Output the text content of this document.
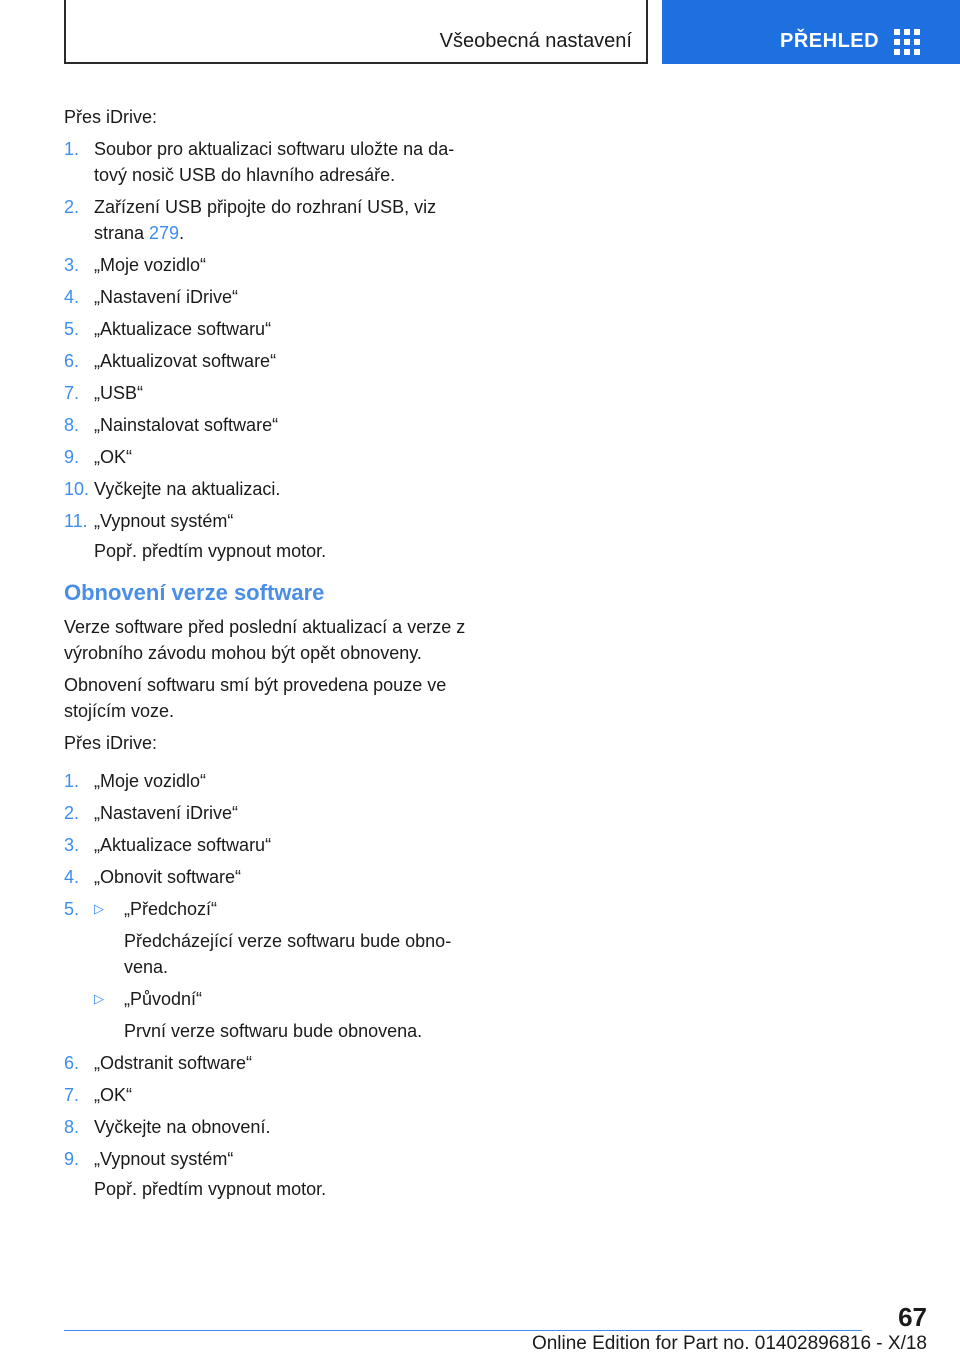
Všeobecná nastavení	PŘEHLED

Přes iDrive:

1. Soubor pro aktualizaci softwaru uložte na da-tový nosič USB do hlavního adresáře.
2. Zařízení USB připojte do rozhraní USB, viz strana 279.
3. „Moje vozidlo“
4. „Nastavení iDrive“
5. „Aktualizace softwaru“
6. „Aktualizovat software“
7. „USB“
8. „Nainstalovat software“
9. „OK“
10. Vyčkejte na aktualizaci.
11. „Vypnout systém“

Popř. předtím vypnout motor.

Obnovení verze software

Verze software před poslední aktualizací a verze z výrobního závodu mohou být opět obnoveny.

Obnovení softwaru smí být provedena pouze ve stojícím voze.

Přes iDrive:

1. „Moje vozidlo“
2. „Nastavení iDrive“
3. „Aktualizace softwaru“
4. „Obnovit software“
5. ▷	„Předchozí“
Předcházející verze softwaru bude obno-vena.
▷	„Původní“
První verze softwaru bude obnovena.
6. „Odstranit software“
7. „OK“
8. Vyčkejte na obnovení.
9. „Vypnout systém“

Popř. předtím vypnout motor.

67
Online Edition for Part no. 01402896816 - X/18
